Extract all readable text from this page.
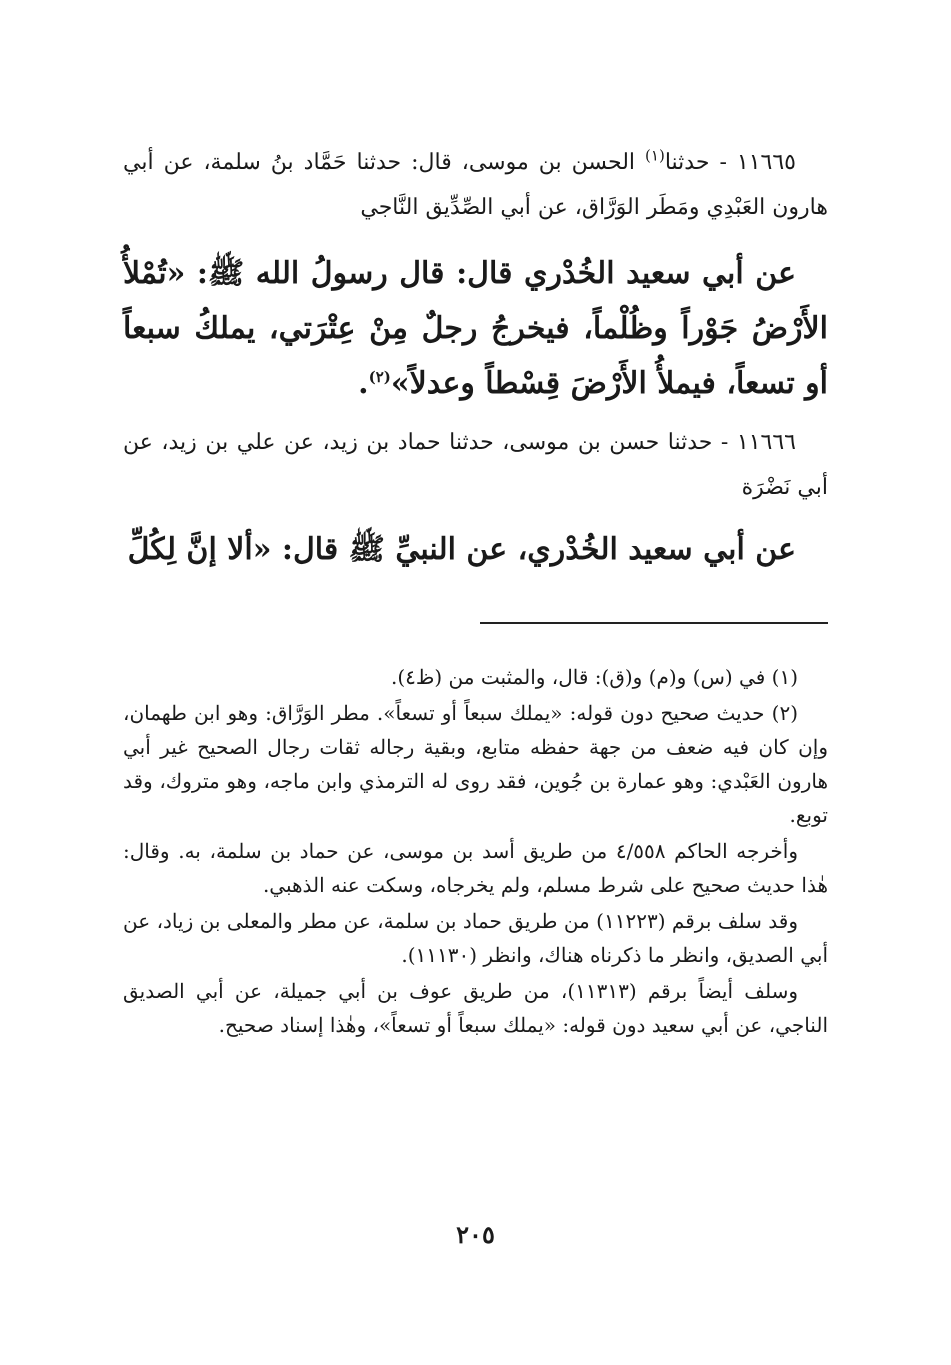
١١٦٦٥ - حدثنا$^{(١)}$ الحسن بن موسى، قال: حدثنا حَمَّاد بنُ سلمة، عن أبي هارون العَبْدِي ومَطَر الوَرَّاق، عن أبي الصِّدِّيق النَّاجي

عن أبي سعيد الخُدْري قال: قال رسولُ الله ﷺ: «تُمْلأُ الأَرْضُ جَوْراً وظُلْماً، فيخرجُ رجلٌ مِنْ عِتْرَتي، يملكُ سبعاً أو تسعاً، فيملأُ الأَرْضَ قِسْطاً وعدلاً»$^{(٢)}$.

١١٦٦٦ - حدثنا حسن بن موسى، حدثنا حماد بن زيد، عن علي بن زيد، عن أبي نَضْرَة

عن أبي سعيد الخُدْري، عن النبيِّ ﷺ قال: «ألا إنَّ لِكُلِّ

(١) في (س) و(م) و(ق): قال، والمثبت من (ظ٤).

(٢) حديث صحيح دون قوله: «يملك سبعاً أو تسعاً». مطر الوَرَّاق: وهو ابن طهمان، وإن كان فيه ضعف من جهة حفظه متابع، وبقية رجاله ثقات رجال الصحيح غير أبي هارون العَبْدي: وهو عمارة بن جُوين، فقد روى له الترمذي وابن ماجه، وهو متروك، وقد توبع.

وأخرجه الحاكم ٤/٥٥٨ من طريق أسد بن موسى، عن حماد بن سلمة، به. وقال: هٰذا حديث صحيح على شرط مسلم، ولم يخرجاه، وسكت عنه الذهبي.

وقد سلف برقم (١١٢٢٣) من طريق حماد بن سلمة، عن مطر والمعلى بن زياد، عن أبي الصديق، وانظر ما ذكرناه هناك، وانظر (١١١٣٠).

وسلف أيضاً برقم (١١٣١٣)، من طريق عوف بن أبي جميلة، عن أبي الصديق الناجي، عن أبي سعيد دون قوله: «يملك سبعاً أو تسعاً»، وهٰذا إسناد صحيح.

٢٠٥
